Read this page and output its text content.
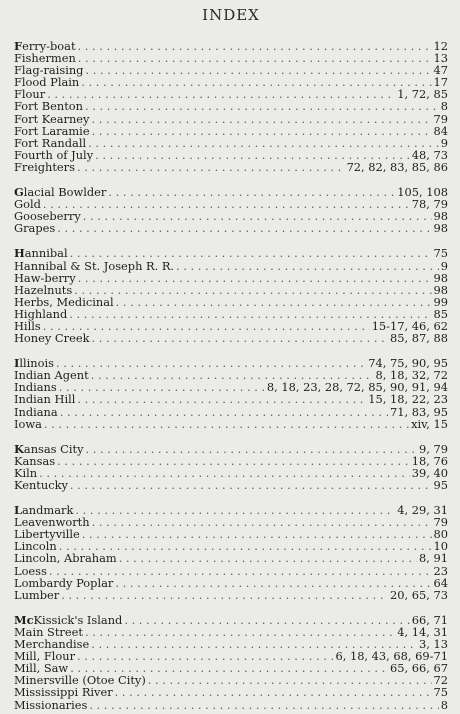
INDEX
Ferry-boat . . .	12
Fishermen . . .	13
Flag-raising . . .	47
Flood Plain . . .	17
Flour . . .	1, 72, 85
Fort Benton . . .	8
Fort Kearney . . .	79
Fort Laramie . . .	84
Fort Randall . . .	9
Fourth of July . . .	48, 73
Freighters . . .	72, 82, 83, 85, 86
Glacial Bowlder . . .	105, 108
Gold . . .	78, 79
Gooseberry . . .	98
Grapes . . .	98
Hannibal . . .	75
Hannibal & St. Joseph R. R. . . .	9
Haw-berry . . .	98
Hazelnuts . . .	98
Herbs, Medicinal . . .	99
Highland . . .	85
Hills . . .	15-17, 46, 62
Honey Creek . . .	85, 87, 88
Illinois . . .	74, 75, 90, 95
Indian Agent . . .	8, 18, 32, 72
Indians . . .	8, 18, 23, 28, 72, 85, 90, 91, 94
Indian Hill . . .	15, 18, 22, 23
Indiana . . .	71, 83, 95
Iowa . . .	xiv, 15
Kansas City . . .	9, 79
Kansas . . .	18, 76
Kiln . . .	39, 40
Kentucky . . .	95
Landmark . . .	4, 29, 31
Leavenworth . . .	79
Libertyville . . .	80
Lincoln . . .	10
Lincoln, Abraham . . .	8, 91
Loess . . .	23
Lombardy Poplar . . .	64
Lumber . . .	20, 65, 73
McKissick's Island . . .	66, 71
Main Street . . .	4, 14, 31
Merchandise . . .	3, 13
Mill, Flour . . .	6, 18, 43, 68, 69-71
Mill, Saw . . .	65, 66, 67
Minersville (Otoe City) . . .	72
Mississippi River . . .	75
Missionaries . . .	8
